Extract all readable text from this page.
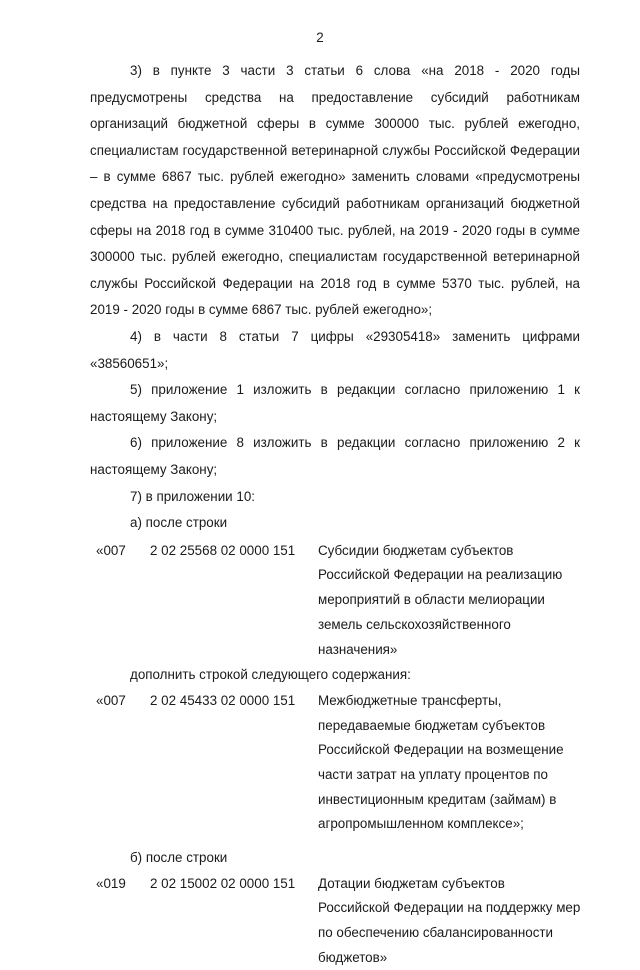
2

3) в пункте 3 части 3 статьи 6 слова «на 2018 - 2020 годы предусмотрены средства на предоставление субсидий работникам организаций бюджетной сферы в сумме 300000 тыс. рублей ежегодно, специалистам государственной ветеринарной службы Российской Федерации – в сумме 6867 тыс. рублей ежегодно» заменить словами «предусмотрены средства на предоставление субсидий работникам организаций бюджетной сферы на 2018 год в сумме 310400 тыс. рублей, на 2019 - 2020 годы в сумме 300000 тыс. рублей ежегодно, специалистам государственной ветеринарной службы Российской Федерации на 2018 год в сумме 5370 тыс. рублей, на 2019 - 2020 годы в сумме 6867 тыс. рублей ежегодно»;

4) в части 8 статьи 7 цифры «29305418» заменить цифрами «38560651»;

5) приложение 1 изложить в редакции согласно приложению 1 к настоящему Закону;

6) приложение 8 изложить в редакции согласно приложению 2 к настоящему Закону;

7) в приложении 10:

а) после строки

«007 2 02 25568 02 0000 151 Субсидии бюджетам субъектов
Российской Федерации на реализацию
мероприятий в области мелиорации
земель сельскохозяйственного
назначения»

дополнить строкой следующего содержания:

«007 2 02 45433 02 0000 151 Межбюджетные трансферты,
передаваемые бюджетам субъектов
Российской Федерации на возмещение
части затрат на уплату процентов по
инвестиционным кредитам (займам) в
агропромышленном комплексе»;

б) после строки

«019 2 02 15002 02 0000 151 Дотации бюджетам субъектов
Российской Федерации на поддержку мер
по обеспечению сбалансированности
бюджетов»
